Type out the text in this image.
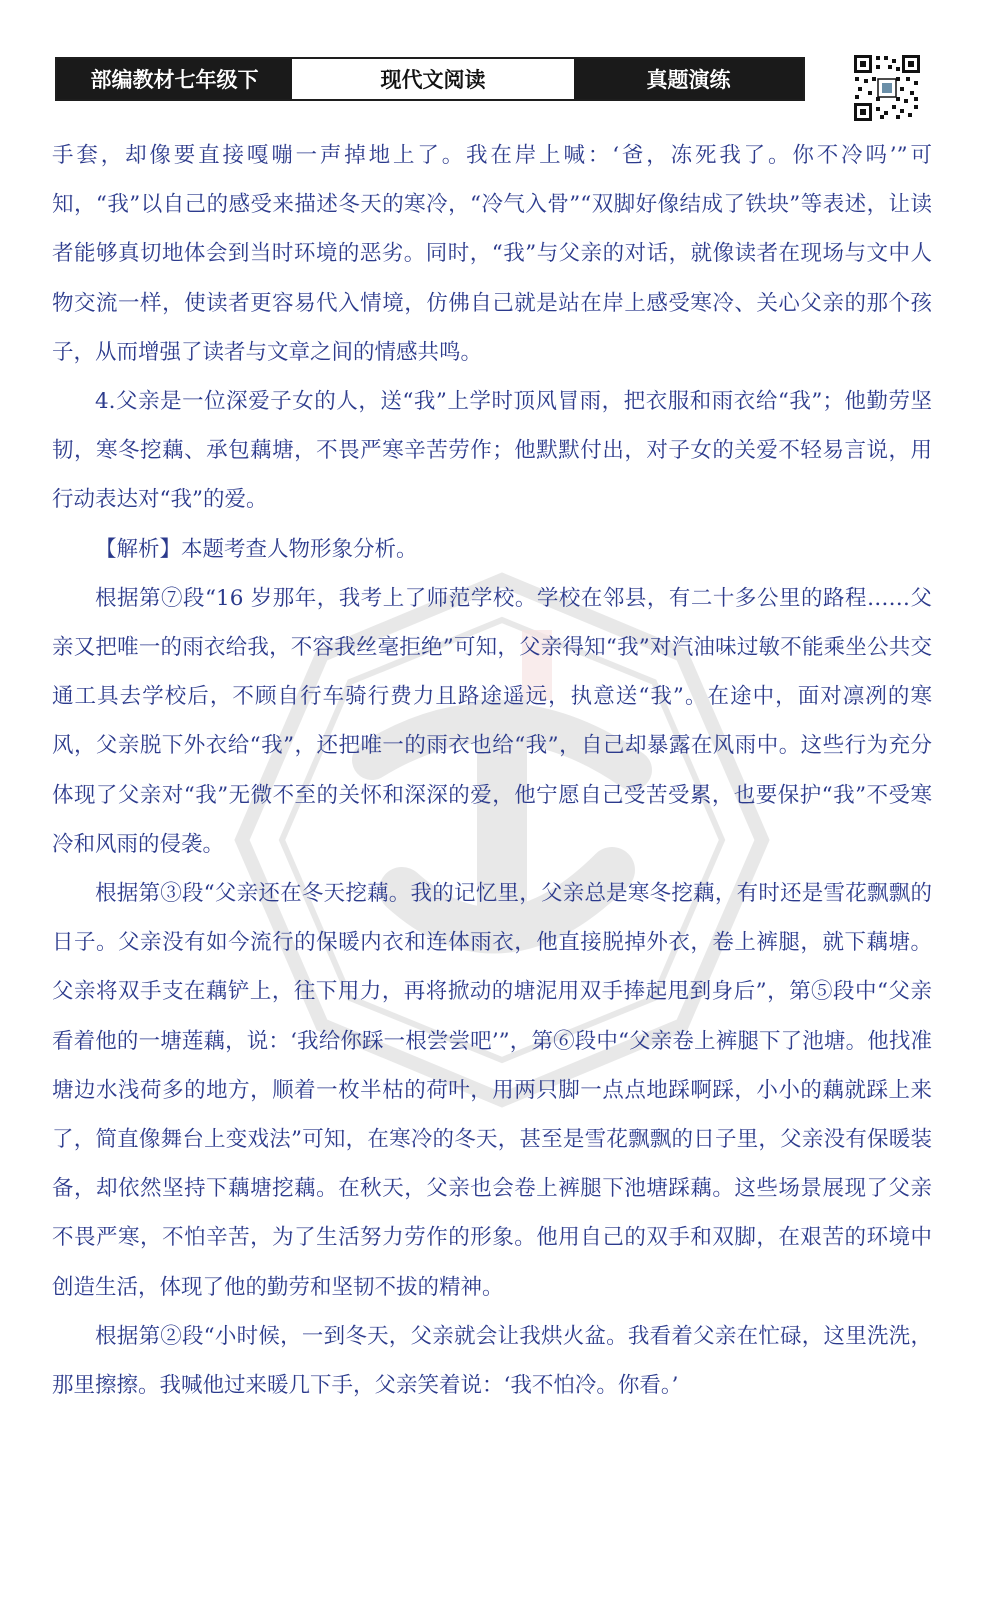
部编教材七年级下	现代文阅读	真题演练

手套，却像要直接嘎嘣一声掉地上了。我在岸上喊：‘爸，冻死我了。你不冷吗’”可知，“我”以自己的感受来描述冬天的寒冷，“冷气入骨”“双脚好像结成了铁块”等表述，让读者能够真切地体会到当时环境的恶劣。同时，“我”与父亲的对话，就像读者在现场与文中人物交流一样，使读者更容易代入情境，仿佛自己就是站在岸上感受寒冷、关心父亲的那个孩子，从而增强了读者与文章之间的情感共鸣。

4.父亲是一位深爱子女的人，送“我”上学时顶风冒雨，把衣服和雨衣给“我”；他勤劳坚韧，寒冬挖藕、承包藕塘，不畏严寒辛苦劳作；他默默付出，对子女的关爱不轻易言说，用行动表达对“我”的爱。

【解析】本题考查人物形象分析。

根据第⑦段“16 岁那年，我考上了师范学校。学校在邻县，有二十多公里的路程……父亲又把唯一的雨衣给我，不容我丝毫拒绝”可知，父亲得知“我”对汽油味过敏不能乘坐公共交通工具去学校后，不顾自行车骑行费力且路途遥远，执意送“我”。在途中，面对凛冽的寒风，父亲脱下外衣给“我”，还把唯一的雨衣也给“我”，自己却暴露在风雨中。这些行为充分体现了父亲对“我”无微不至的关怀和深深的爱，他宁愿自己受苦受累，也要保护“我”不受寒冷和风雨的侵袭。

根据第③段“父亲还在冬天挖藕。我的记忆里，父亲总是寒冬挖藕，有时还是雪花飘飘的日子。父亲没有如今流行的保暖内衣和连体雨衣，他直接脱掉外衣，卷上裤腿，就下藕塘。父亲将双手支在藕铲上，往下用力，再将掀动的塘泥用双手捧起甩到身后”，第⑤段中“父亲看着他的一塘莲藕，说：‘我给你踩一根尝尝吧’”，第⑥段中“父亲卷上裤腿下了池塘。他找准塘边水浅荷多的地方，顺着一枚半枯的荷叶，用两只脚一点点地踩啊踩，小小的藕就踩上来了，简直像舞台上变戏法”可知，在寒冷的冬天，甚至是雪花飘飘的日子里，父亲没有保暖装备，却依然坚持下藕塘挖藕。在秋天，父亲也会卷上裤腿下池塘踩藕。这些场景展现了父亲不畏严寒，不怕辛苦，为了生活努力劳作的形象。他用自己的双手和双脚，在艰苦的环境中创造生活，体现了他的勤劳和坚韧不拔的精神。

根据第②段“小时候，一到冬天，父亲就会让我烘火盆。我看着父亲在忙碌，这里洗洗，那里擦擦。我喊他过来暖几下手，父亲笑着说：‘我不怕冷。你看。’
